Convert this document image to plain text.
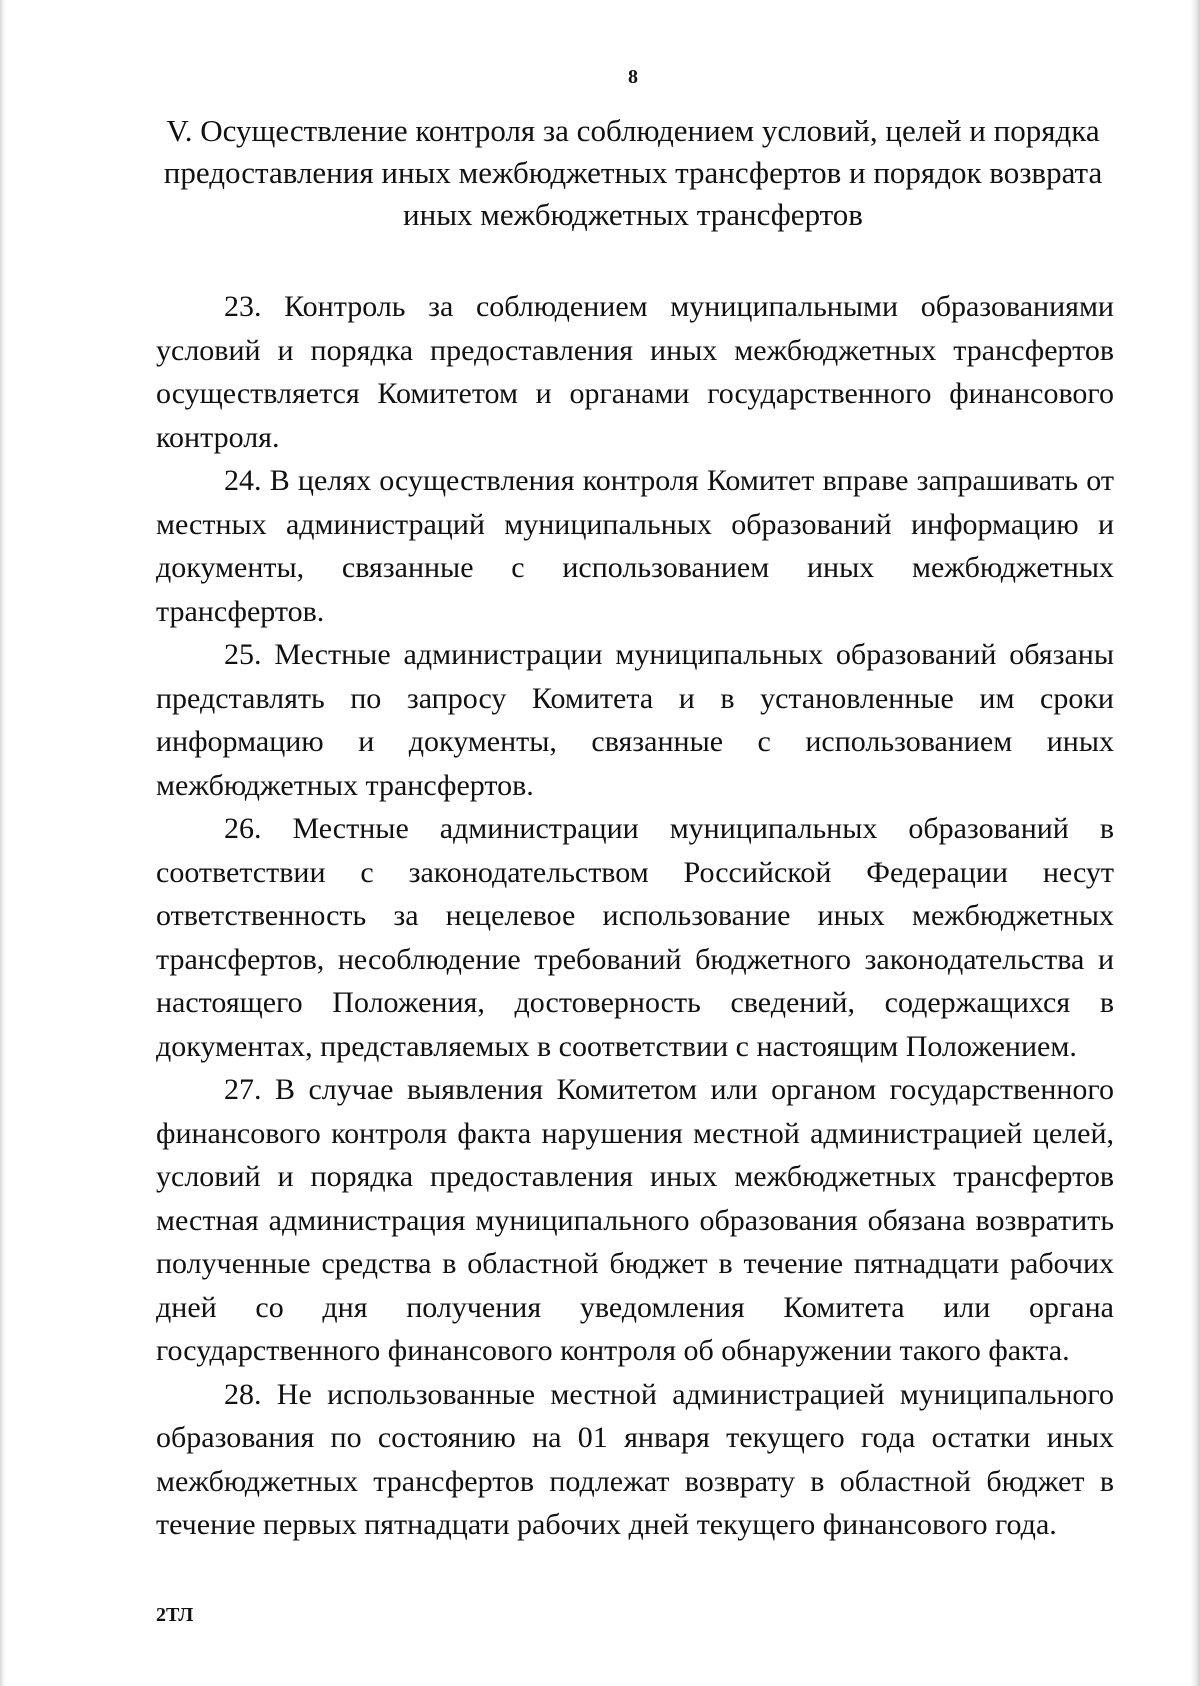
8
V. Осуществление контроля за соблюдением условий, целей и порядка
предоставления иных межбюджетных трансфертов и порядок возврата
иных межбюджетных трансфертов

23. Контроль за соблюдением муниципальными образованиями условий и порядка предоставления иных межбюджетных трансфертов осуществляется Комитетом и органами государственного финансового контроля.

24. В целях осуществления контроля Комитет вправе запрашивать от местных администраций муниципальных образований информацию и документы, связанные с использованием иных межбюджетных трансфертов.

25. Местные администрации муниципальных образований обязаны представлять по запросу Комитета и в установленные им сроки информацию и документы, связанные с использованием иных межбюджетных трансфертов.

26. Местные администрации муниципальных образований в соответствии с законодательством Российской Федерации несут ответственность за нецелевое использование иных межбюджетных трансфертов, несоблюдение требований бюджетного законодательства и настоящего Положения, достоверность сведений, содержащихся в документах, представляемых в соответствии с настоящим Положением.

27. В случае выявления Комитетом или органом государственного финансового контроля факта нарушения местной администрацией целей, условий и порядка предоставления иных межбюджетных трансфертов местная администрация муниципального образования обязана возвратить полученные средства в областной бюджет в течение пятнадцати рабочих дней со дня получения уведомления Комитета или органа государственного финансового контроля об обнаружении такого факта.

28. Не использованные местной администрацией муниципального образования по состоянию на 01 января текущего года остатки иных межбюджетных трансфертов подлежат возврату в областной бюджет в течение первых пятнадцати рабочих дней текущего финансового года.

2ТЛ
